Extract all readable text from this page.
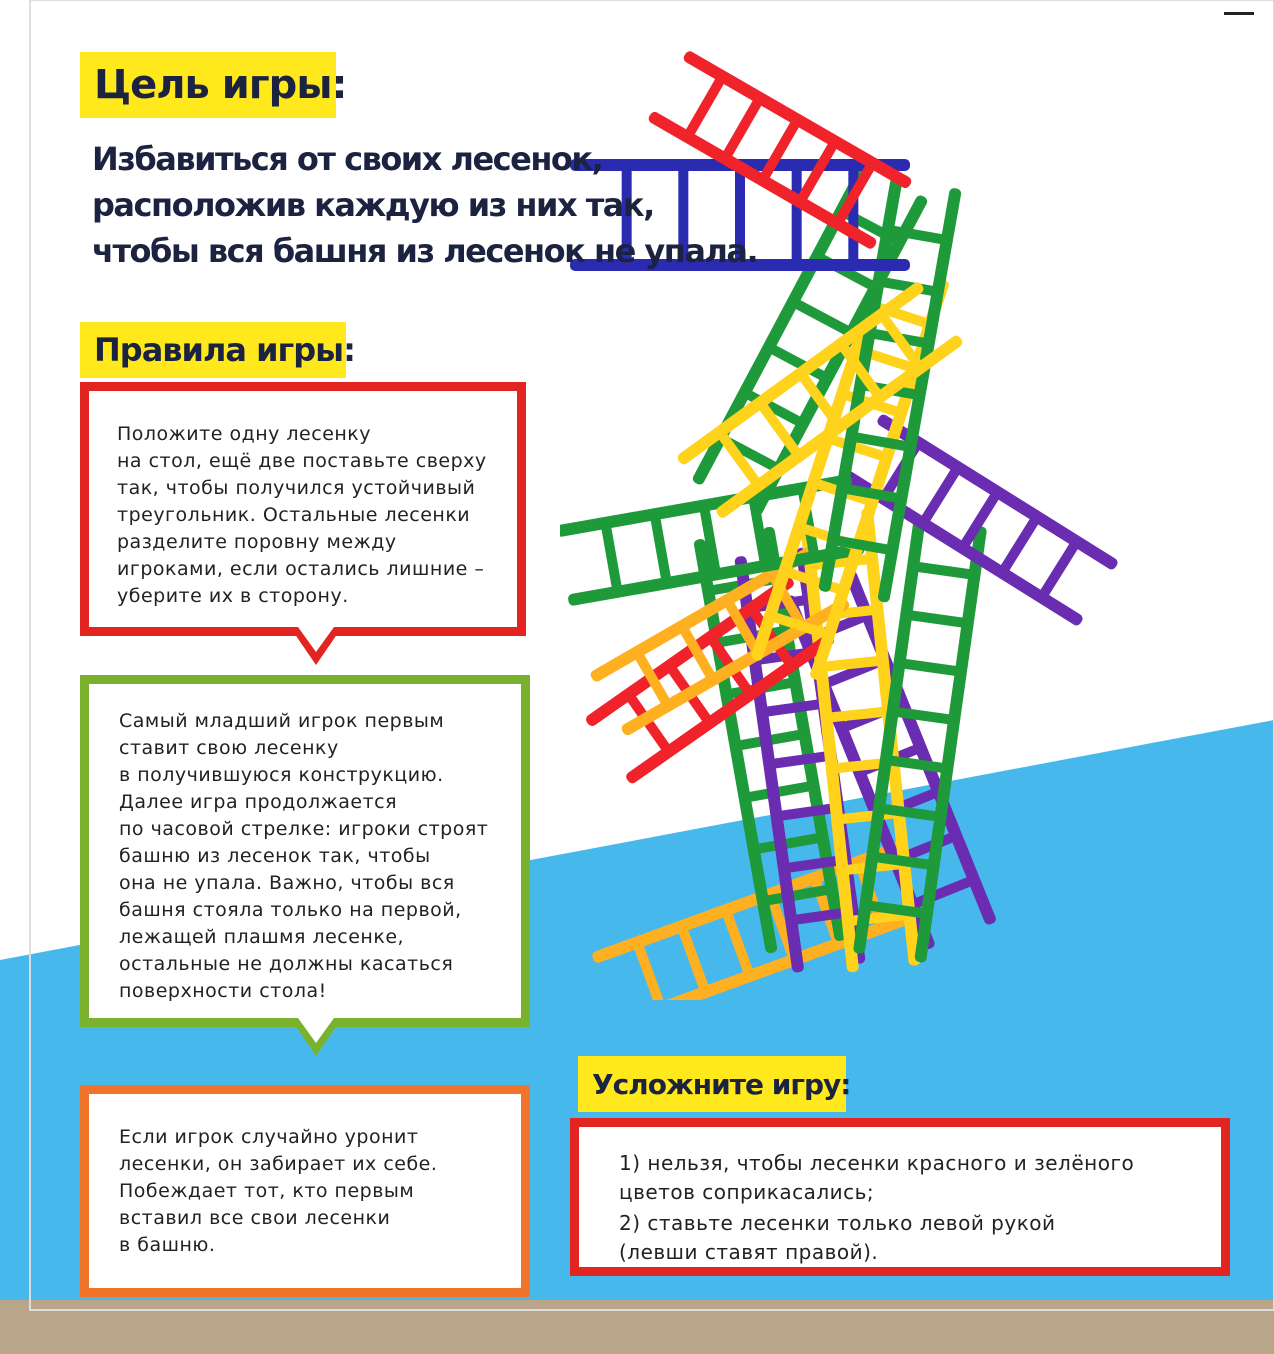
Цель игры:
Избавиться от своих лесенок,
расположив каждую из них так,
чтобы вся башня из лесенок не упала.
Правила игры:
Положите одну лесенку
на стол, ещё две поставьте сверху
так, чтобы получился устойчивый
треугольник. Остальные лесенки
разделите поровну между
игроками, если остались лишние –
уберите их в сторону.
Самый младший игрок первым
ставит свою лесенку
в получившуюся конструкцию.
Далее игра продолжается
по часовой стрелке: игроки строят
башню из лесенок так, чтобы
она не упала. Важно, чтобы вся
башня стояла только на первой,
лежащей плашмя лесенке,
остальные не должны касаться
поверхности стола!
Если игрок случайно уронит
лесенки, он забирает их себе.
Побеждает тот, кто первым
вставил все свои лесенки
в башню.
Усложните игру:
1) нельзя, чтобы лесенки красного и зелёного
цветов соприкасались;
2) ставьте лесенки только левой рукой
(левши ставят правой).
